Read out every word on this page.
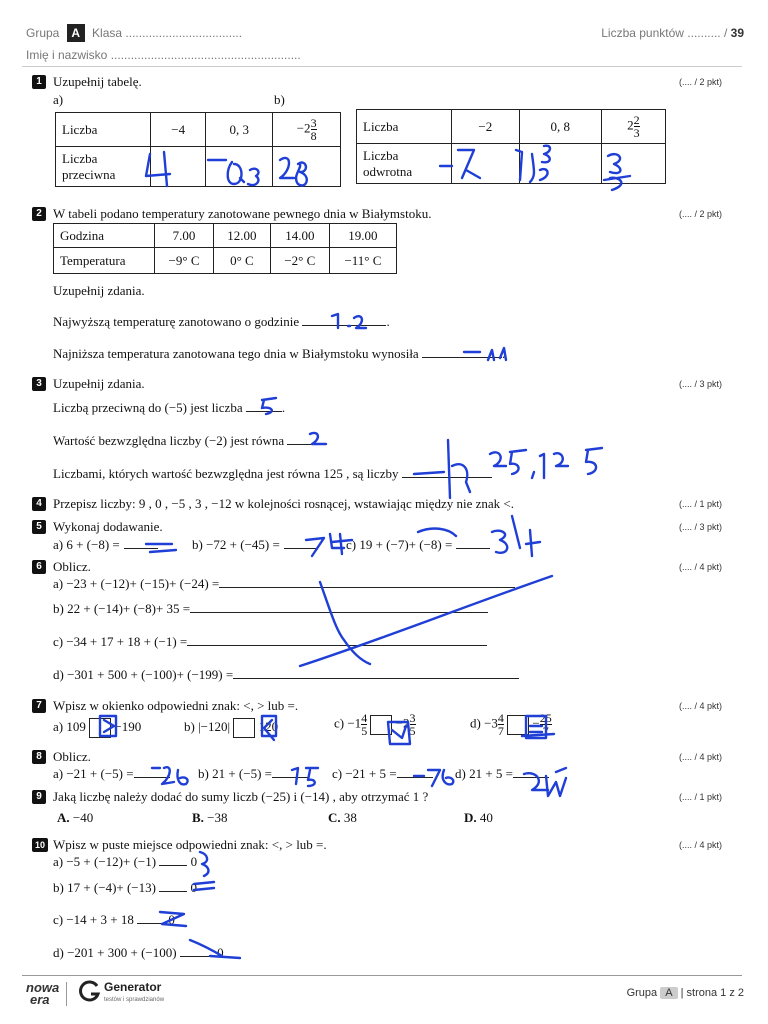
Grupa A Klasa ...................................	Liczba punktów .......... / 39
Imię i nazwisko .........................................................
1 Uzupełnij tabelę.	(.... / 2 pkt)
a)	b)
Liczba	−4	0, 3	$-2 \frac{3}{8}$

Liczba
przeciwna			
Liczba	−2	0, 8	$2 \frac{2}{3}$

Liczba
odwrotna			
2 W tabeli podano temperatury zanotowane pewnego dnia w Białymstoku.	(.... / 2 pkt)
Godzina	7.00	12.00	14.00	19.00
Temperatura	−9° C	0° C	−2° C	−11° C
Uzupełnij zdania.
Najwyższą temperaturę zanotowano o godzinie	.
Najniższa temperatura zanotowana tego dnia w Białymstoku wynosiła	.
3 Uzupełnij zdania.	(.... / 3 pkt)
Liczbą przeciwną do (−5) jest liczba	.
Wartość bezwzględna liczby (−2) jest równa	.
Liczbami, których wartość bezwzględna jest równa 125 , są liczby
4 Przepisz liczby: 9 , 0 , −5 , 3 , −12 w kolejności rosnącej, wstawiając między nie znak <.	(.... / 1 pkt)
5 Wykonaj dodawanie.	(.... / 3 pkt)
a) 6 + (−8) =	b) −72 + (−45) =	c) 19 + (−7)+ (−8) =
6 Oblicz.	(.... / 4 pkt)
a) −23 + (−12)+ (−15)+ (−24) =
b) 22 + (−14)+ (−8)+ 35 =
c) −34 + 17 + 18 + (−1) =
d) −301 + 500 + (−100)+ (−199) =
7 Wpisz w okienko odpowiedni znak: <, > lub =.	(.... / 4 pkt)
a) 109 −190	b) |−120| 120	$c) -1 \frac{4}{5} -2 \frac{3}{5}$	$d) -3 \frac{4}{7} - \frac{25}{7}$
8 Oblicz.	(.... / 4 pkt)
a) −21 + (−5) =	b) 21 + (−5) =	c) −21 + 5 =	d) 21 + 5 =
9 Jaką liczbę należy dodać do sumy liczb (−25) i (−14) , aby otrzymać 1 ?	(.... / 1 pkt)
A. −40	B. −38	C. 38	D. 40
10 Wpisz w puste miejsce odpowiedni znak: <, > lub =.	(.... / 4 pkt)
a) −5 + (−12)+ (−1)	0
b) 17 + (−4)+ (−13)	0
c) −14 + 3 + 18	0
d) −201 + 300 + (−100)	0
nowa
era
Generator
testów i sprawdzianów
Grupa A | strona 1 z 2
